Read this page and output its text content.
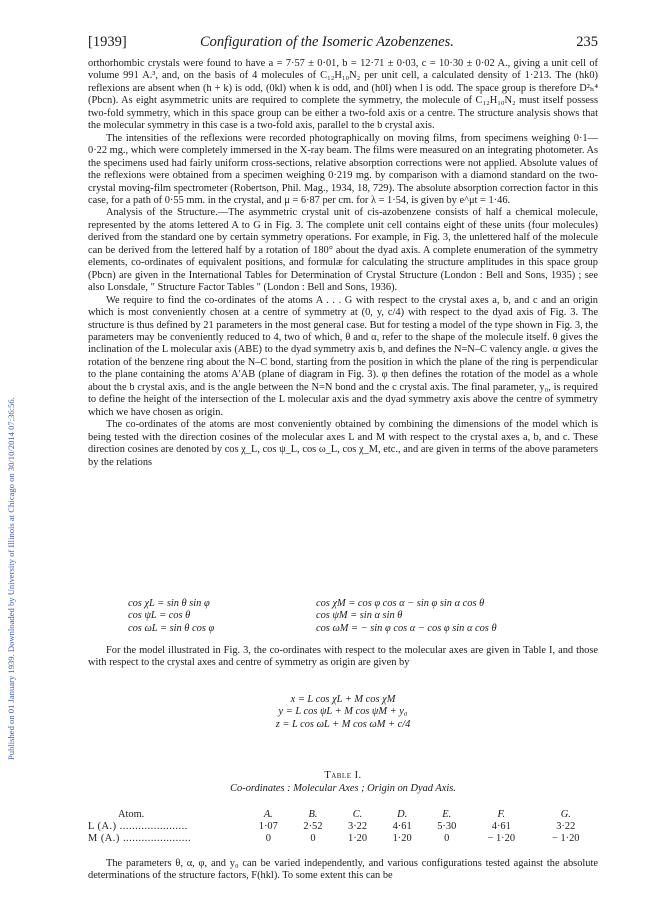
Published on 01 January 1939. Downloaded by University of Illinois at Chicago on 30/10/2014 07:36:56.
[1939]	Configuration of the Isomeric Azobenzenes.	235

orthorhombic crystals were found to have a = 7·57 ± 0·01, b = 12·71 ± 0·03, c = 10·30 ± 0·02 A., giving a unit cell of volume 991 A.³, and, on the basis of 4 molecules of C₁₂H₁₀N₂ per unit cell, a calculated density of 1·213. The (hk0) reflexions are absent when (h + k) is odd, (0kl) when k is odd, and (h0l) when l is odd. The space group is therefore D²ₕ⁴ (Pbcn). As eight asymmetric units are required to complete the symmetry, the molecule of C₁₂H₁₀N₂ must itself possess two-fold symmetry, which in this space group can be either a two-fold axis or a centre. The structure analysis shows that the molecular symmetry in this case is a two-fold axis, parallel to the b crystal axis.

The intensities of the reflexions were recorded photographically on moving films, from specimens weighing 0·1—0·22 mg., which were completely immersed in the X-ray beam. The films were measured on an integrating photometer. As the specimens used had fairly uniform cross-sections, relative absorption corrections were not applied. Absolute values of the reflexions were obtained from a specimen weighing 0·219 mg. by comparison with a diamond standard on the two-crystal moving-film spectrometer (Robertson, Phil. Mag., 1934, 18, 729). The absolute absorption correction factor in this case, for a path of 0·55 mm. in the crystal, and μ = 6·87 per cm. for λ = 1·54, is given by e^μt = 1·46.

Analysis of the Structure.—The asymmetric crystal unit of cis-azobenzene consists of half a chemical molecule, represented by the atoms lettered A to G in Fig. 3. The complete unit cell contains eight of these units (four molecules) derived from the standard one by certain symmetry operations. For example, in Fig. 3, the unlettered half of the molecule can be derived from the lettered half by a rotation of 180° about the dyad axis. A complete enumeration of the symmetry elements, co-ordinates of equivalent positions, and formulæ for calculating the structure amplitudes in this space group (Pbcn) are given in the International Tables for Determination of Crystal Structure (London : Bell and Sons, 1935) ; see also Lonsdale, " Structure Factor Tables " (London : Bell and Sons, 1936).

We require to find the co-ordinates of the atoms A . . . G with respect to the crystal axes a, b, and c and an origin which is most conveniently chosen at a centre of symmetry at (0, y, c/4) with respect to the dyad axis of Fig. 3. The structure is thus defined by 21 parameters in the most general case. But for testing a model of the type shown in Fig. 3, the parameters may be conveniently reduced to 4, two of which, θ and α, refer to the shape of the molecule itself. θ gives the inclination of the L molecular axis (ABE) to the dyad symmetry axis b, and defines the N=N–C valency angle. α gives the rotation of the benzene ring about the N–C bond, starting from the position in which the plane of the ring is perpendicular to the plane containing the atoms A′AB (plane of diagram in Fig. 3). φ then defines the rotation of the model as a whole about the b crystal axis, and is the angle between the N=N bond and the c crystal axis. The final parameter, y₀, is required to define the height of the intersection of the L molecular axis and the dyad symmetry axis above the centre of symmetry which we have chosen as origin.

The co-ordinates of the atoms are most conveniently obtained by combining the dimensions of the model which is being tested with the direction cosines of the molecular axes L and M with respect to the crystal axes a, b, and c. These direction cosines are denoted by cos χ_L, cos ψ_L, cos ω_L, cos χ_M, etc., and are given in terms of the above parameters by the relations

cos χL = sin θ sin φ
cos ψL = cos θ
cos ωL = sin θ cos φ
cos χM = cos φ cos α − sin φ sin α cos θ
cos ψM = sin α sin θ
cos ωM = − sin φ cos α − cos φ sin α cos θ

For the model illustrated in Fig. 3, the co-ordinates with respect to the molecular axes are given in Table I, and those with respect to the crystal axes and centre of symmetry as origin are given by

x = L cos χL + M cos χM
y = L cos ψL + M cos ψM + y₀
z = L cos ωL + M cos ωM + c/4
Table I.
Co-ordinates : Molecular Axes ; Origin on Dyad Axis.
Atom.	A.	B.	C.	D.	E.	F.	G.
L (A.) ......................	1·07	2·52	3·22	4·61	5·30	4·61	3·22
M (A.) ......................	0	0	1·20	1·20	0	− 1·20	− 1·20

The parameters θ, α, φ, and y₀ can be varied independently, and various configurations tested against the absolute determinations of the structure factors, F(hkl). To some extent this can be
